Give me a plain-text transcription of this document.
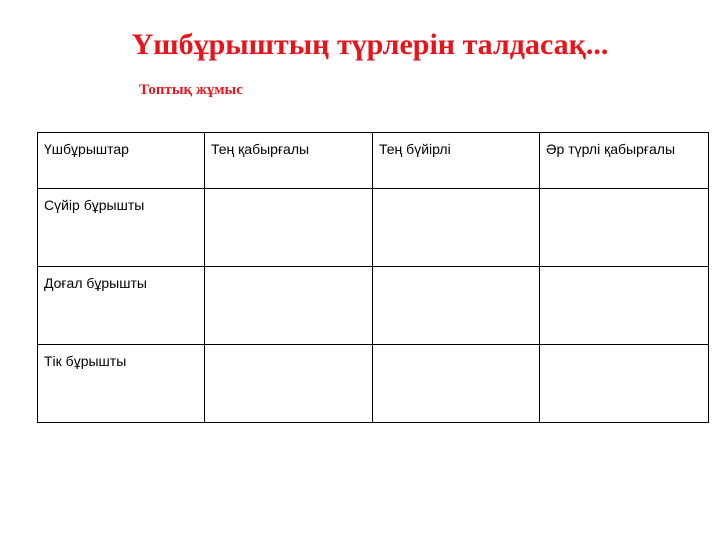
Үшбұрыштың түрлерін талдасақ...
Топтық жұмыс
Үшбұрыштар	Тең қабырғалы	Тең бүйірлі	Әр түрлі қабырғалы
Сүйір бұрышты			
Доғал бұрышты			
Тік бұрышты			
